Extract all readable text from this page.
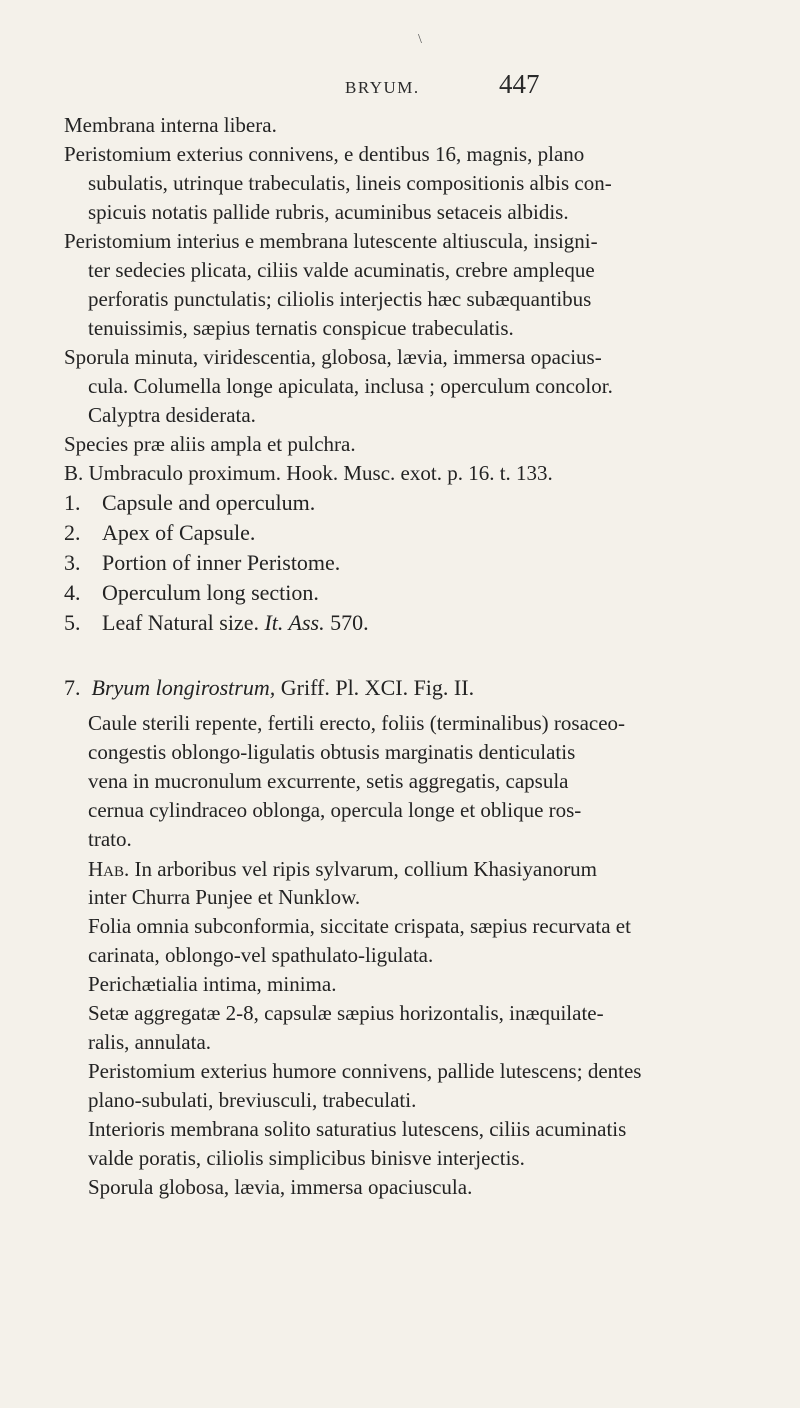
\
BRYUM.	447
Membrana interna libera.
Peristomium exterius connivens, e dentibus 16, magnis, plano
subulatis, utrinque trabeculatis, lineis compositionis albis con-
spicuis notatis pallide rubris, acuminibus setaceis albidis.
Peristomium interius e membrana lutescente altiuscula, insigni-
ter sedecies plicata, ciliis valde acuminatis, crebre ampleque
perforatis punctulatis; ciliolis interjectis hæc subæquantibus
tenuissimis, sæpius ternatis conspicue trabeculatis.
Sporula minuta, viridescentia, globosa, lævia, immersa opacius-
cula. Columella longe apiculata, inclusa ; operculum concolor.
Calyptra desiderata.
Species præ aliis ampla et pulchra.
B. Umbraculo proximum. Hook. Musc. exot. p. 16. t. 133.
1. Capsule and operculum.
2. Apex of Capsule.
3. Portion of inner Peristome.
4. Operculum long section.
5. Leaf Natural size. It. Ass. 570.
7. Bryum longirostrum, Griff. Pl. XCI. Fig. II.
Caule sterili repente, fertili erecto, foliis (terminalibus) rosaceo-
congestis oblongo-ligulatis obtusis marginatis denticulatis
vena in mucronulum excurrente, setis aggregatis, capsula
cernua cylindraceo oblonga, opercula longe et oblique ros-
trato.
Hab. In arboribus vel ripis sylvarum, collium Khasiyanorum
inter Churra Punjee et Nunklow.
Folia omnia subconformia, siccitate crispata, sæpius recurvata et
carinata, oblongo-vel spathulato-ligulata.
Perichætialia intima, minima.
Setæ aggregatæ 2-8, capsulæ sæpius horizontalis, inæquilate-
ralis, annulata.
Peristomium exterius humore connivens, pallide lutescens; dentes
plano-subulati, breviusculi, trabeculati.
Interioris membrana solito saturatius lutescens, ciliis acuminatis
valde poratis, ciliolis simplicibus binisve interjectis.
Sporula globosa, lævia, immersa opaciuscula.
